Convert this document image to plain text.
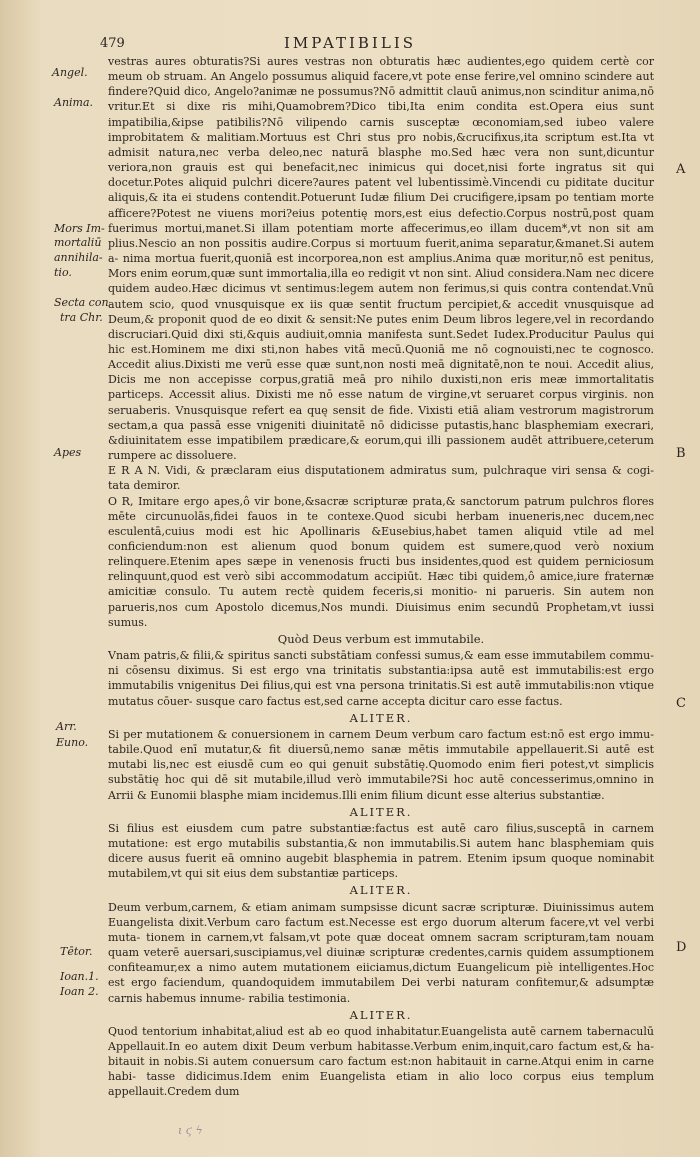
479	IMPATIBILIS
Angel.
Anima.
Mors Im-
mortaliū
annihila-
tio.
Secta con
tra Chr.
Apes
Arr.
Euno.
Tētor.
Ioan.1.
Ioan 2.
A
B
C
D

vestras aures obturatis?Si aures vestras non obturatis hæc audientes,ego quidem certè cor meum ob struam. An Angelo possumus aliquid facere,vt pote ense ferire,vel omnino scindere aut findere?Quid dico, Angelo?animæ ne possumus?Nō admittit clauū animus,non scinditur anima,nō vritur.Et si dixe ris mihi,Quamobrem?Dico tibi,Ita enim condita est.Opera eius sunt impatibilia,&ipse patibilis?Nō vilipendo carnis susceptæ œconomiam,sed iubeo valere improbitatem & malitiam.Mortuus est Chri stus pro nobis,&crucifixus,ita scriptum est.Ita vt admisit natura,nec verba deleo,nec naturā blasphe mo.Sed hæc vera non sunt,dicuntur veriora,non grauis est qui benefacit,nec inimicus qui docet,nisi forte ingratus sit qui docetur.Potes aliquid pulchri dicere?aures patent vel lubentissimè.Vincendi cu piditate ducitur aliquis,& ita ei studens contendit.Potuerunt Iudæ filium Dei crucifigere,ipsam po tentiam morte afficere?Potest ne viuens mori?eius potentię mors,est eius defectio.Corpus nostrū,post quam fuerimus mortui,manet.Si illam potentiam morte affecerimus,eo illam ducem*,vt non sit am plius.Nescio an non possitis audire.Corpus si mortuum fuerit,anima separatur,&manet.Si autem a- nima mortua fuerit,quoniā est incorporea,non est amplius.Anima quæ moritur,nō est penitus, Mors enim eorum,quæ sunt immortalia,illa eo redigit vt non sint. Aliud considera.Nam nec dicere quidem audeo.Hæc dicimus vt sentimus:legem autem non ferimus,si quis contra contendat.Vnū autem scio, quod vnusquisque ex iis quæ sentit fructum percipiet,& accedit vnusquisque ad Deum,& proponit quod de eo dixit & sensit:Ne putes enim Deum libros legere,vel in recordando discruciari.Quid dixi sti,&quis audiuit,omnia manifesta sunt.Sedet Iudex.Producitur Paulus qui hic est.Hominem me dixi sti,non habes vitā mecū.Quoniā me nō cognouisti,nec te cognosco. Accedit alius.Dixisti me verū esse quæ sunt,non nosti meā dignitatē,non te noui. Accedit alius, Dicis me non accepisse corpus,gratiā meā pro nihilo duxisti,non eris meæ immortalitatis particeps. Accessit alius. Dixisti me nō esse natum de virgine,vt seruaret corpus virginis. non seruaberis. Vnusquisque refert ea quę sensit de fide. Vixisti etiā aliam vestrorum magistrorum sectam,a qua passā esse vnigeniti diuinitatē nō didicisse putastis,hanc blasphemiam execrari, &diuinitatem esse impatibilem prædicare,& eorum,qui illi passionem audēt attribuere,ceterum rumpere ac dissoluere.

E R A N. Vidi, & præclaram eius disputationem admiratus sum, pulchraque viri sensa & cogi- tata demiror.

O R, Imitare ergo apes,ô vir bone,&sacræ scripturæ prata,& sanctorum patrum pulchros flores mēte circunuolās,fidei fauos in te contexe.Quod sicubi herbam inueneris,nec ducem,nec esculentā,cuius modi est hic Apollinaris &Eusebius,habet tamen aliquid vtile ad mel conficiendum:non est alienum quod bonum quidem est sumere,quod verò noxium relinquere.Etenim apes sæpe in venenosis fructi bus insidentes,quod est quidem perniciosum relinquunt,quod est verò sibi accommodatum accipiūt. Hæc tibi quidem,ô amice,iure fraternæ amicitiæ consulo. Tu autem rectè quidem feceris,si monitio- ni parueris. Sin autem non parueris,nos cum Apostolo dicemus,Nos mundi. Diuisimus enim secundū Prophetam,vt iussi sumus.

Quòd Deus verbum est immutabile.

Vnam patris,& filii,& spiritus sancti substātiam confessi sumus,& eam esse immutabilem commu- ni cōsensu diximus. Si est ergo vna trinitatis substantia:ipsa autē est immutabilis:est ergo immutabilis vnigenitus Dei filius,qui est vna persona trinitatis.Si est autē immutabilis:non vtique mutatus cōuer- susque caro factus est,sed carne accepta dicitur caro esse factus.

ALITER.

Si per mutationem & conuersionem in carnem Deum verbum caro factum est:nō est ergo immu- tabile.Quod enī mutatur,& fit diuersū,nemo sanæ mētis immutabile appellauerit.Si autē est mutabi lis,nec est eiusdē cum eo qui genuit substātię.Quomodo enim fieri potest,vt simplicis substātię hoc qui dē sit mutabile,illud verò immutabile?Si hoc autē concesserimus,omnino in Arrii & Eunomii blasphe miam incidemus.Illi enim filium dicunt esse alterius substantiæ.

ALITER.

Si filius est eiusdem cum patre substantiæ:factus est autē caro filius,susceptā in carnem mutatione: est ergo mutabilis substantia,& non immutabilis.Si autem hanc blasphemiam quis dicere ausus fuerit eā omnino augebit blasphemia in patrem. Etenim ipsum quoque nominabit mutabilem,vt qui sit eius dem substantiæ particeps.

ALITER.

Deum verbum,carnem, & etiam animam sumpsisse dicunt sacræ scripturæ. Diuinissimus autem Euangelista dixit.Verbum caro factum est.Necesse est ergo duorum alterum facere,vt vel verbi muta- tionem in carnem,vt falsam,vt pote quæ doceat omnem sacram scripturam,tam nouam quam veterē auersari,suscipiamus,vel diuinæ scripturæ credentes,carnis quidem assumptionem confiteamur,ex a nimo autem mutationem eiiciamus,dictum Euangelicum piè intelligentes.Hoc est ergo faciendum, quandoquidem immutabilem Dei verbi naturam confitemur,& adsumptæ carnis habemus innume- rabilia testimonia.

ALITER.

Quod tentorium inhabitat,aliud est ab eo quod inhabitatur.Euangelista autē carnem tabernaculū Appellauit.In eo autem dixit Deum verbum habitasse.Verbum enim,inquit,caro factum est,& ha- bitauit in nobis.Si autem conuersum caro factum est:non habitauit in carne.Atqui enim in carne habi- tasse didicimus.Idem enim Euangelista etiam in alio loco corpus eius templum appellauit.Credem dum

ι ϛ ϟ
